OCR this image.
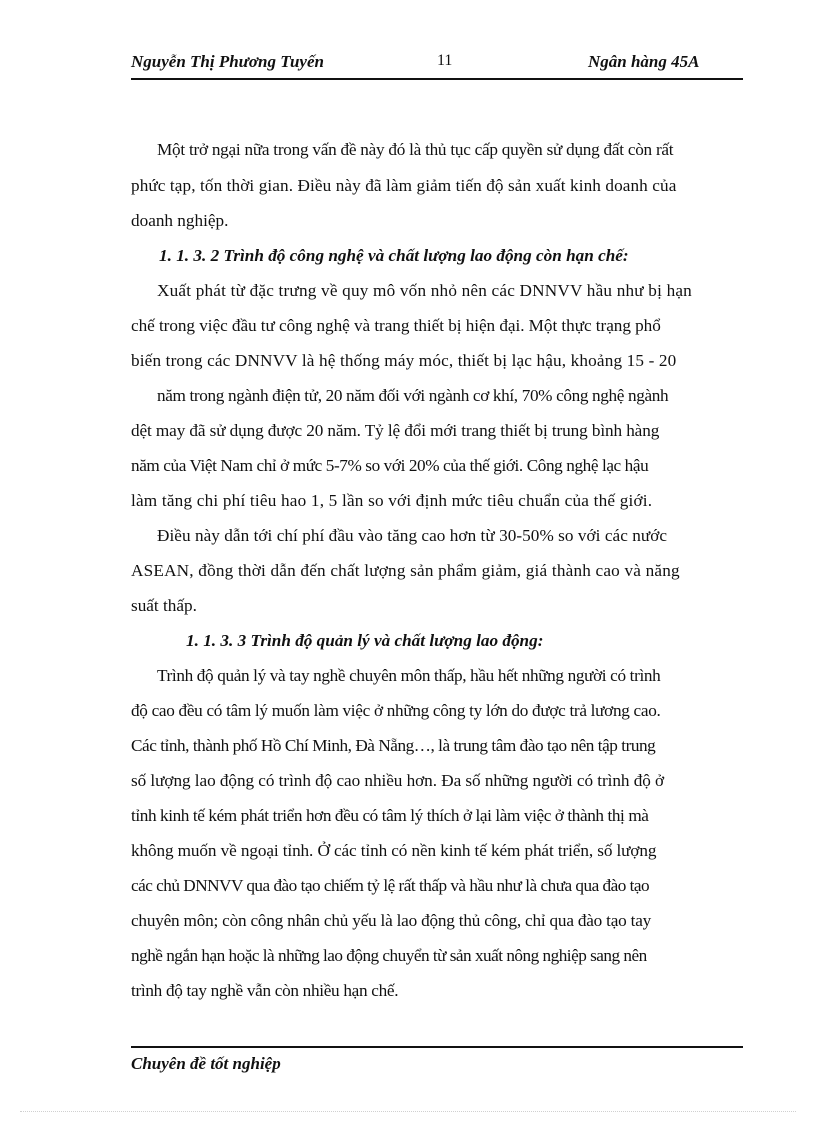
Nguyễn Thị Phương Tuyến	11	Ngân hàng 45A
Một trở ngại nữa trong vấn đề này đó là thủ tục cấp quyền sử dụng đất còn rất
phức tạp, tốn thời gian. Điều này đã làm giảm tiến độ sản xuất kinh doanh của
doanh nghiệp.
1. 1. 3. 2 Trình độ công nghệ và chất lượng lao động còn hạn chế:
Xuất phát từ đặc trưng về quy mô vốn nhỏ nên các DNNVV hầu như bị hạn
chế trong việc đầu tư công nghệ và trang thiết bị hiện đại. Một thực trạng phổ
biến trong các DNNVV là hệ thống máy móc, thiết bị lạc hậu, khoảng 15 - 20
năm trong ngành điện tử, 20 năm đối với ngành cơ khí, 70% công nghệ ngành
dệt may đã sử dụng được 20 năm. Tỷ lệ đổi mới trang thiết bị trung bình hàng
năm của Việt Nam chỉ ở mức 5-7% so với 20% của thế giới. Công nghệ lạc hậu
làm tăng chi phí tiêu hao 1, 5 lần so với định mức tiêu chuẩn của thế giới.
Điều này dẫn tới chí phí đầu vào tăng cao hơn từ 30-50% so với các nước
ASEAN, đồng thời dẫn đến chất lượng sản phẩm giảm, giá thành cao và năng
suất thấp.
1. 1. 3. 3 Trình độ quản lý và chất lượng lao động:
Trình độ quản lý và tay nghề chuyên môn thấp, hầu hết những người có trình
độ cao đều có tâm lý muốn làm việc ở những công ty lớn do được trả lương cao.
Các tỉnh, thành phố Hồ Chí Minh, Đà Nẵng…, là trung tâm đào tạo nên tập trung
số lượng lao động có trình độ cao nhiều hơn. Đa số những người có trình độ ở
tỉnh kinh tế kém phát triển hơn đều có tâm lý thích ở lại làm việc ở thành thị mà
không muốn về ngoại tỉnh. Ở các tỉnh có nền kinh tế kém phát triển, số lượng
các chủ DNNVV qua đào tạo chiếm tỷ lệ rất thấp và hầu như là chưa qua đào tạo
chuyên môn; còn công nhân chủ yếu là lao động thủ công, chỉ qua đào tạo tay
nghề ngắn hạn hoặc là những lao động chuyển từ sản xuất nông nghiệp sang nên
trình độ tay nghề vẫn còn nhiều hạn chế.
Chuyên đề tốt nghiệp
